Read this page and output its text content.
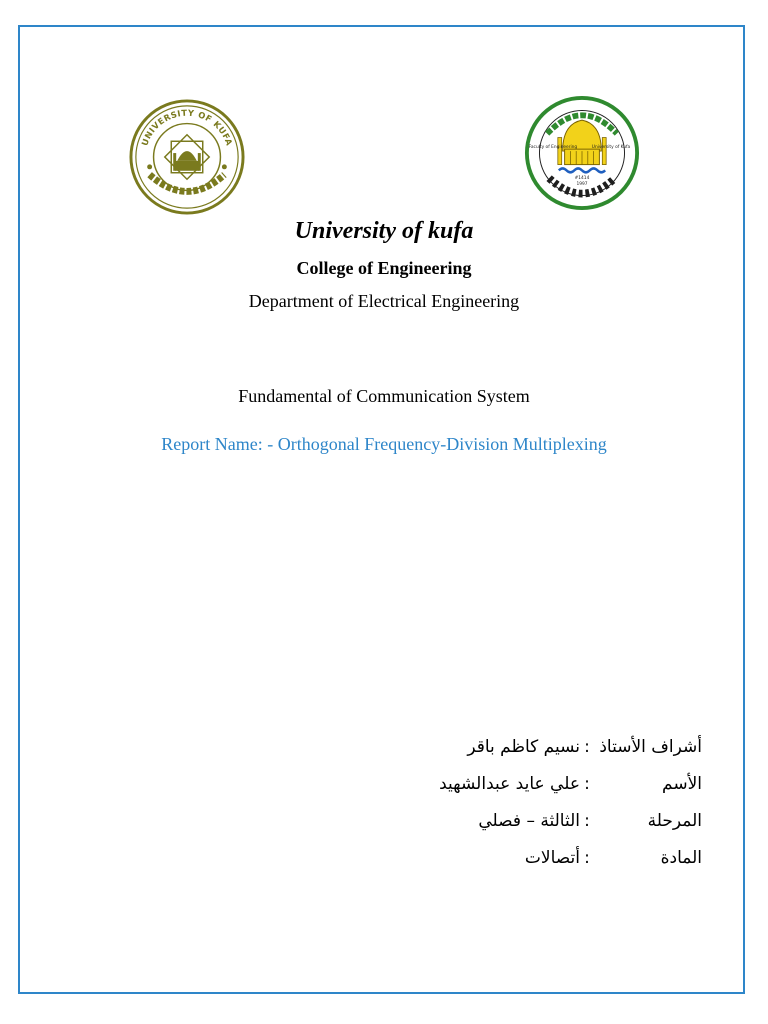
UNIVERSITY OF KUFA
Faculty of Engineering	University of Kufa
#1414
1997
University of kufa
College of Engineering
Department of Electrical Engineering
Fundamental of Communication System
Report Name: - Orthogonal Frequency-Division Multiplexing
أشراف الأستاذ
:
نسيم كاظم باقر
الأسم
:
علي عايد عبدالشهيد
المرحلة
:
الثالثة – فصلي
المادة
:
أتصالات
